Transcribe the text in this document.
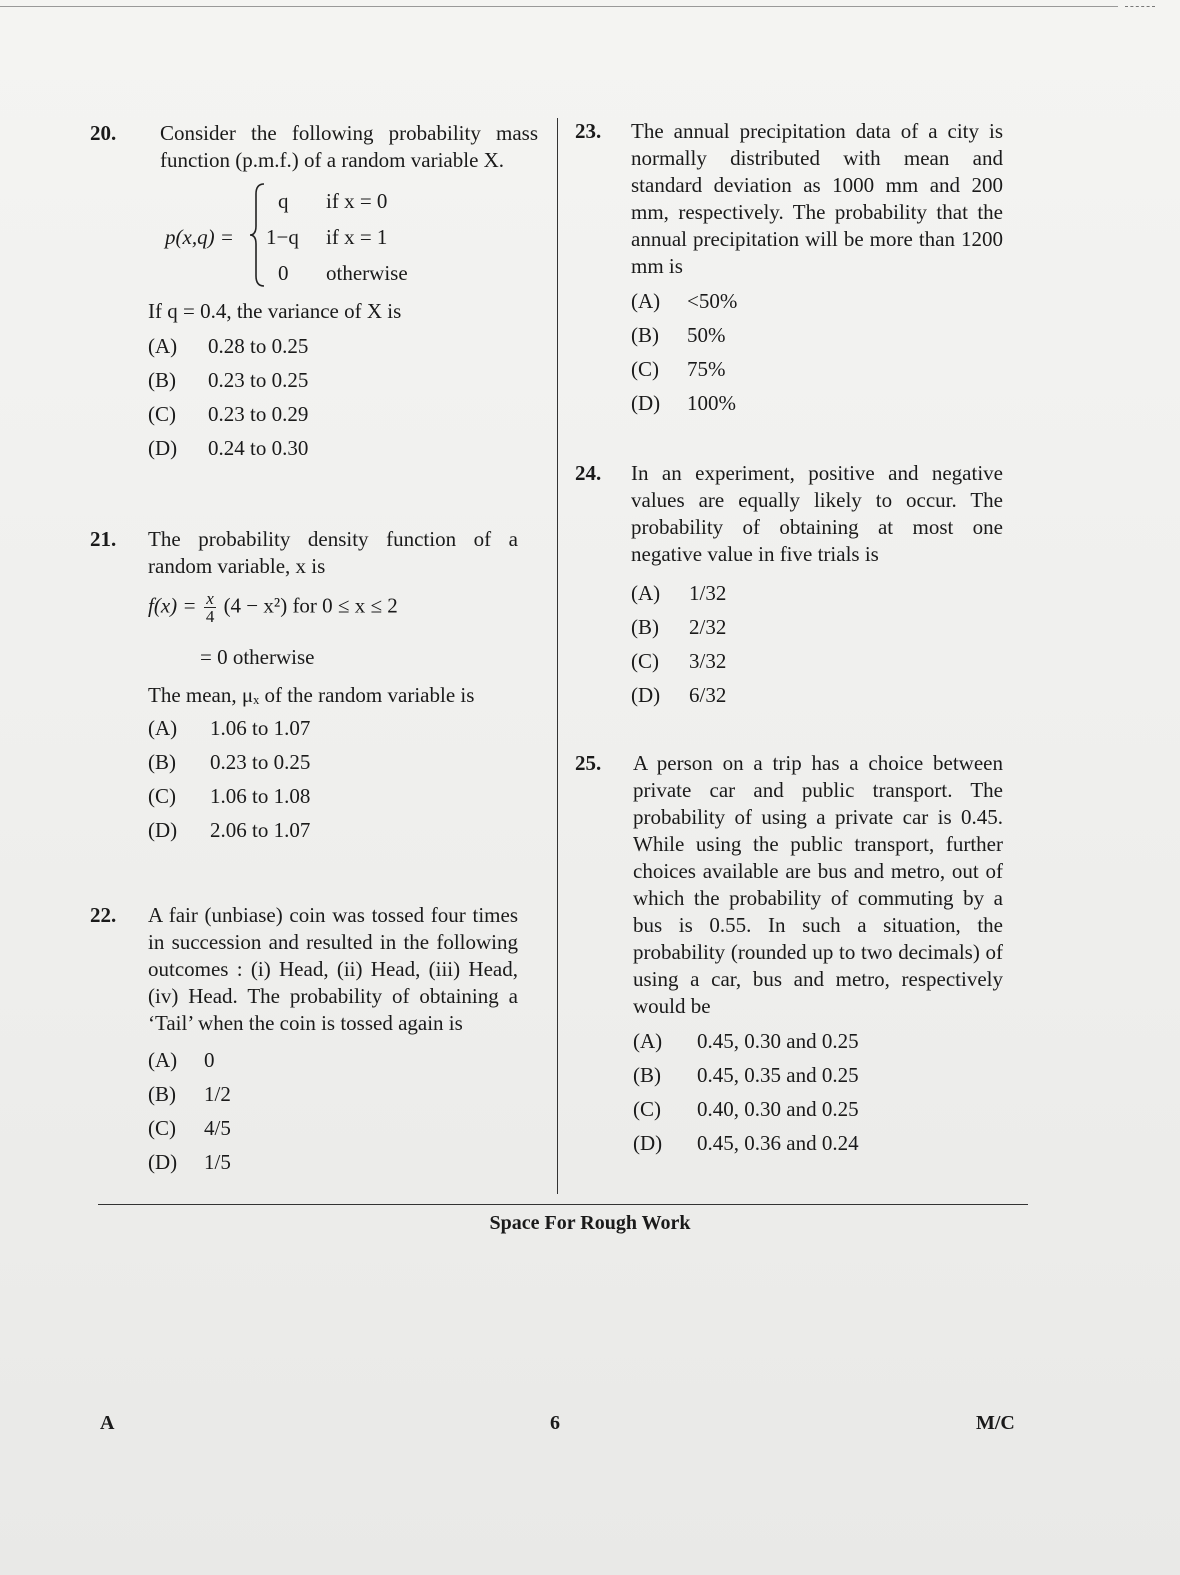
20. Consider the following probability mass function (p.m.f.) of a random variable X.
p(x,q) =
q if x = 0
1−q if x = 1
0 otherwise
If q = 0.4, the variance of X is
(A) 0.28 to 0.25
(B) 0.23 to 0.25
(C) 0.23 to 0.29
(D) 0.24 to 0.30
21. The probability density function of a random variable, x is
$f(x) = \frac{x}{4} (4 - x^2)$ for 0 ≤ x ≤ 2
= 0 otherwise
The mean, μₓ of the random variable is
(A) 1.06 to 1.07
(B) 0.23 to 0.25
(C) 1.06 to 1.08
(D) 2.06 to 1.07
22. A fair (unbiase) coin was tossed four times in succession and resulted in the following outcomes : (i) Head, (ii) Head, (iii) Head, (iv) Head. The probability of obtaining a ‘Tail’ when the coin is tossed again is
(A) 0
(B) 1/2
(C) 4/5
(D) 1/5
23. The annual precipitation data of a city is normally distributed with mean and standard deviation as 1000 mm and 200 mm, respectively. The probability that the annual precipitation will be more than 1200 mm is
(A) <50%
(B) 50%
(C) 75%
(D) 100%
24. In an experiment, positive and negative values are equally likely to occur. The probability of obtaining at most one negative value in five trials is
(A) 1/32
(B) 2/32
(C) 3/32
(D) 6/32
25. A person on a trip has a choice between private car and public transport. The probability of using a private car is 0.45. While using the public transport, further choices available are bus and metro, out of which the probability of commuting by a bus is 0.55. In such a situation, the probability (rounded up to two decimals) of using a car, bus and metro, respectively would be
(A) 0.45, 0.30 and 0.25
(B) 0.45, 0.35 and 0.25
(C) 0.40, 0.30 and 0.25
(D) 0.45, 0.36 and 0.24
Space For Rough Work
A	6	M/C
